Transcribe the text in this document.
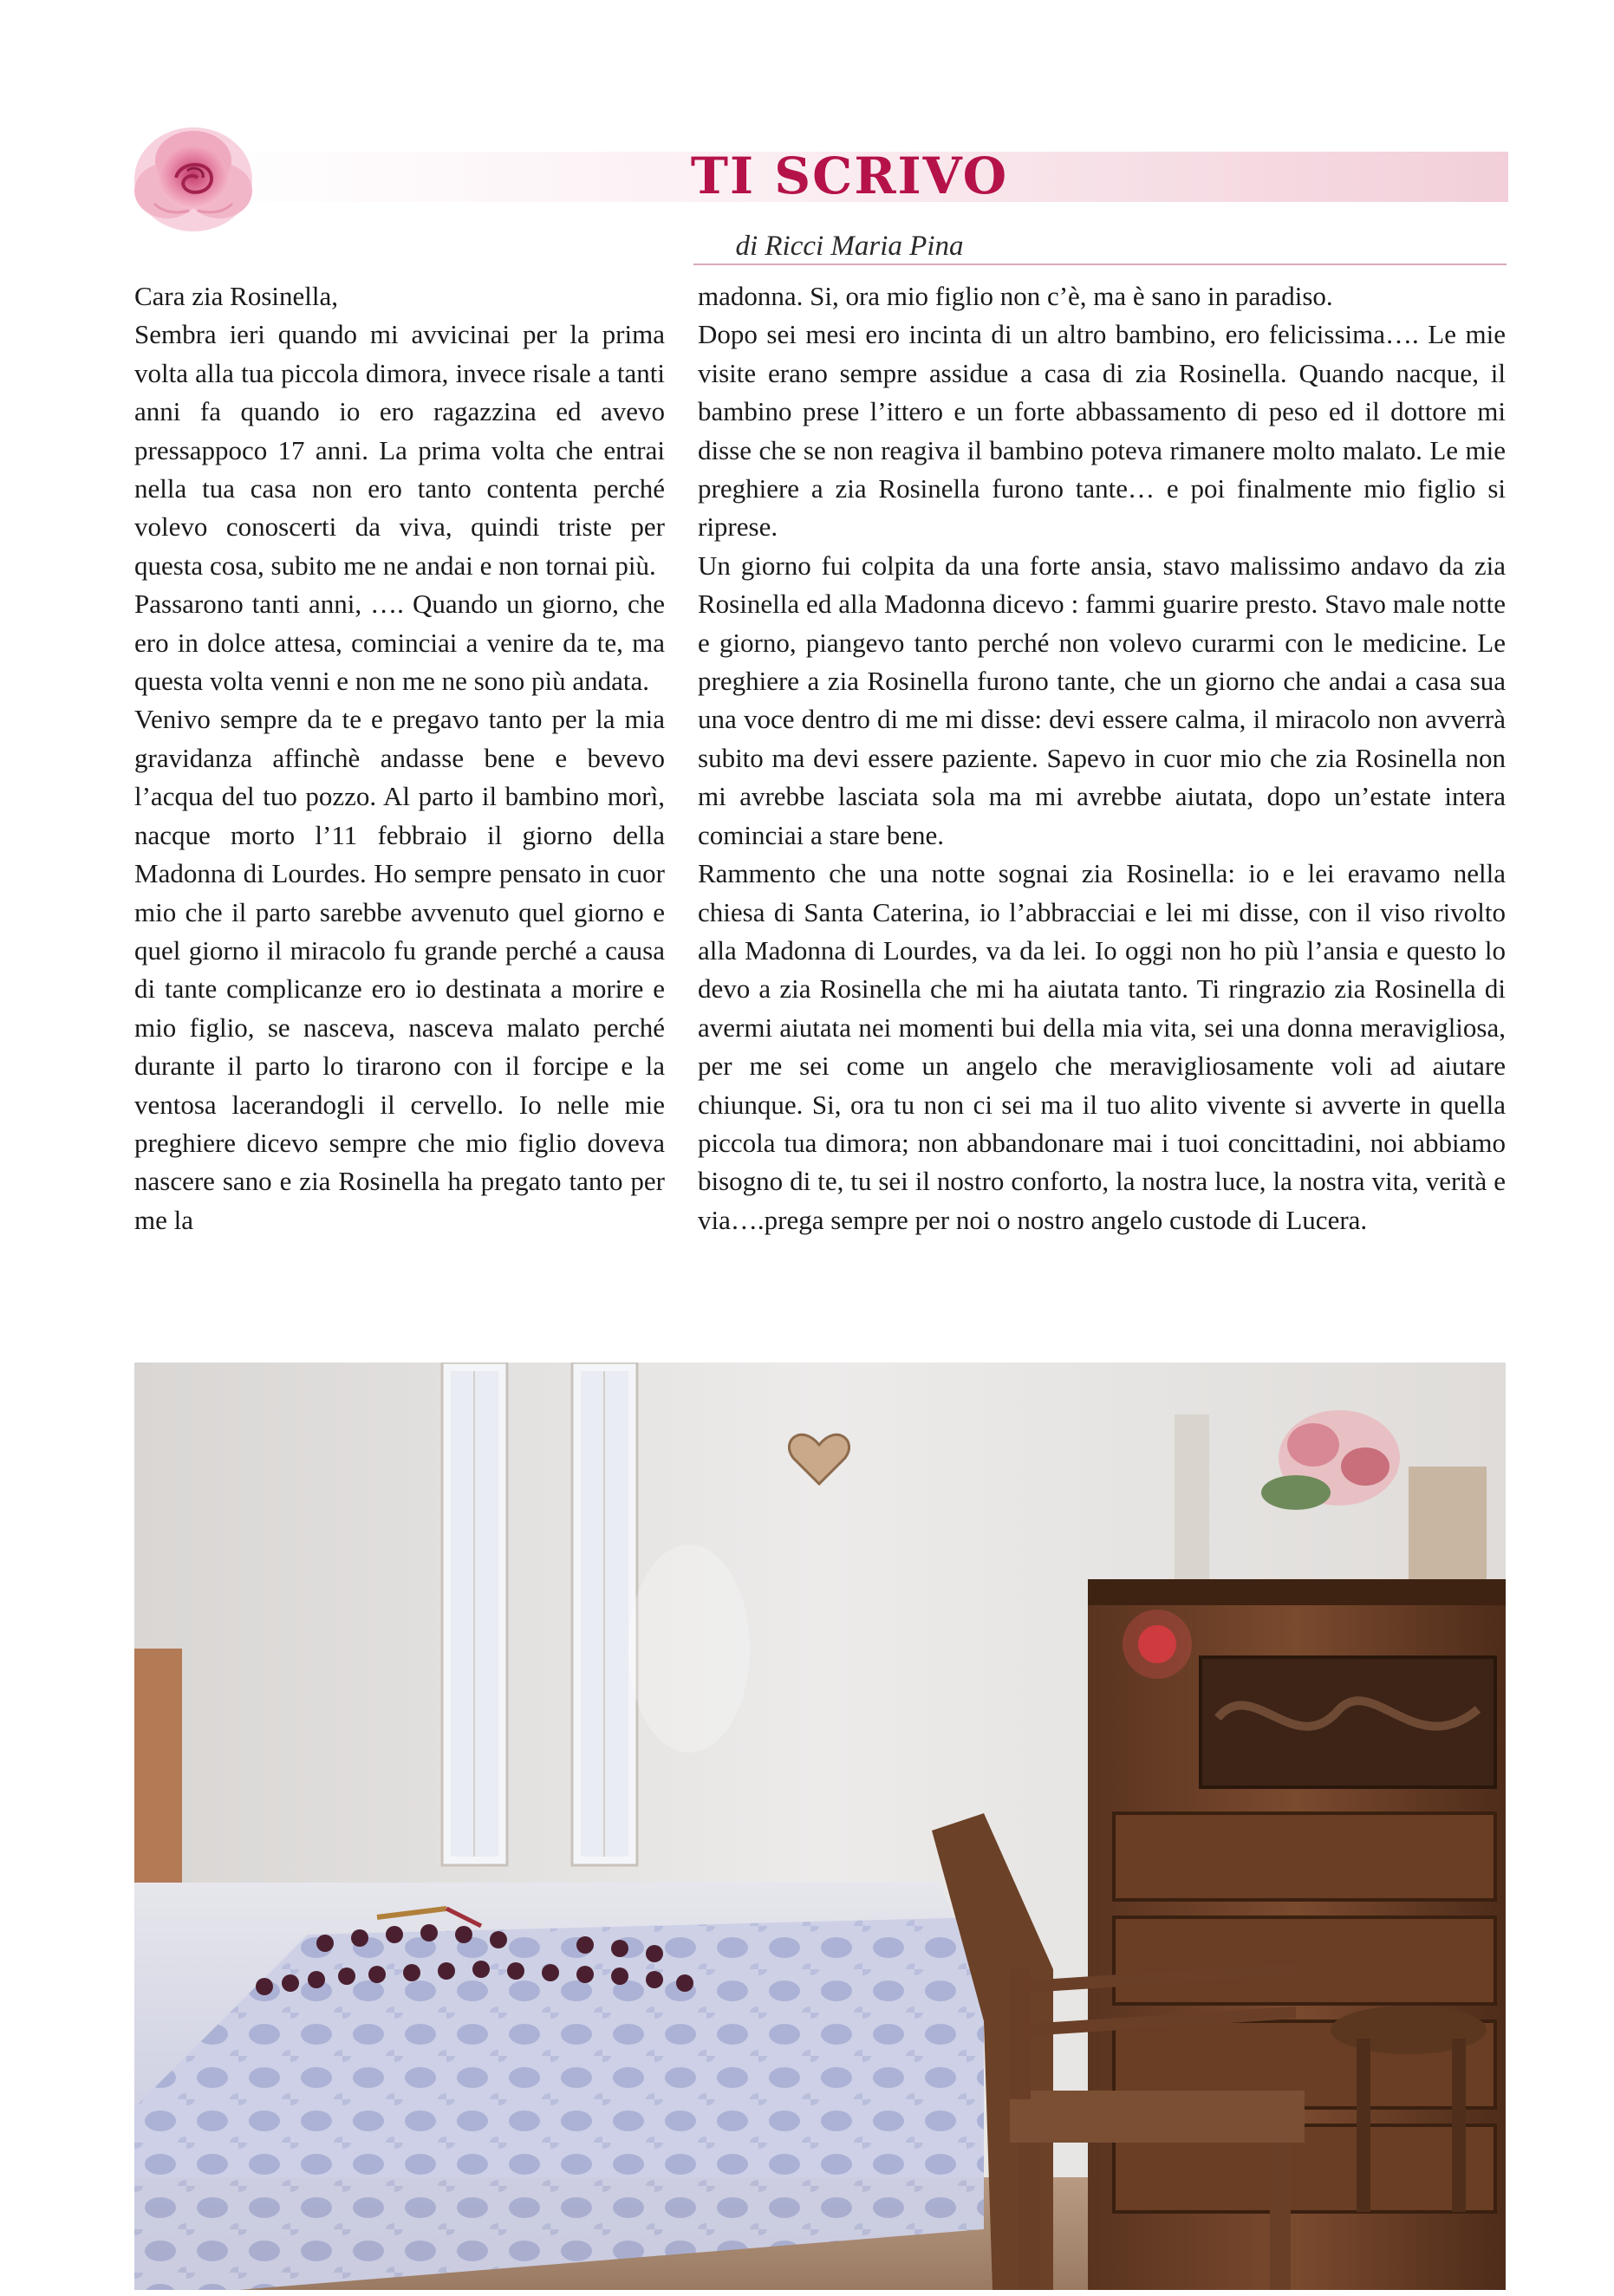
TI SCRIVO
di Ricci Maria Pina

Cara zia Rosinella,

Sembra ieri quando mi avvicinai per la prima volta alla tua piccola dimora, invece risale a tanti anni fa quando io ero ragazzina ed avevo pressappoco 17 anni. La prima volta che entrai nella tua casa non ero tanto contenta perché volevo conoscerti da viva, quindi triste per questa cosa, subito me ne andai e non tornai più.

Passarono tanti anni, …. Quando un giorno, che ero in dolce attesa, cominciai a venire da te, ma questa volta venni e non me ne sono più andata.

Venivo sempre da te e pregavo tanto per la mia gravidanza affinchè andasse bene e bevevo l’acqua del tuo pozzo. Al parto il bambino morì, nacque morto l’11 febbraio il giorno della Madonna di Lourdes. Ho sempre pensato in cuor mio che il parto sarebbe avvenuto quel giorno e quel giorno il miracolo fu grande perché a causa di tante complicanze ero io destinata a morire e mio figlio, se nasceva, nasceva malato perché durante il parto lo tirarono con il forcipe e la ventosa lacerandogli il cervello. Io nelle mie preghiere dicevo sempre che mio figlio doveva nascere sano e zia Rosinella ha pregato tanto per me la

madonna. Si, ora mio figlio non c’è, ma è sano in paradiso.

Dopo sei mesi ero incinta di un altro bambino, ero felicissima…. Le mie visite erano sempre assidue a casa di zia Rosinella. Quando nacque, il bambino prese l’ittero e un forte abbassamento di peso ed il dottore mi disse che se non reagiva il bambino poteva rimanere molto malato. Le mie preghiere a zia Rosinella furono tante… e poi finalmente mio figlio si riprese.

Un giorno fui colpita da una forte ansia, stavo malissimo andavo da zia Rosinella ed alla Madonna dicevo : fammi guarire presto. Stavo male notte e giorno, piangevo tanto perché non volevo curarmi con le medicine. Le preghiere a zia Rosinella furono tante, che un giorno che andai a casa sua una voce dentro di me mi disse: devi essere calma, il miracolo non avverrà subito ma devi essere paziente. Sapevo in cuor mio che zia Rosinella non mi avrebbe lasciata sola ma mi avrebbe aiutata, dopo un’estate intera cominciai a stare bene.

Rammento che una notte sognai zia Rosinella: io e lei eravamo nella chiesa di Santa Caterina, io l’abbracciai e lei mi disse, con il viso rivolto alla Madonna di Lourdes, va da lei. Io oggi non ho più l’ansia e questo lo devo a zia Rosinella che mi ha aiutata tanto. Ti ringrazio zia Rosinella di avermi aiutata nei momenti bui della mia vita, sei una donna meravigliosa, per me sei come un angelo che meravigliosamente voli ad aiutare chiunque. Si, ora tu non ci sei ma il tuo alito vivente si avverte in quella piccola tua dimora; non abbandonare mai i tuoi concittadini, noi abbiamo bisogno di te, tu sei il nostro conforto, la nostra luce, la nostra vita, verità e via….prega sempre per noi o nostro angelo custode di Lucera.
